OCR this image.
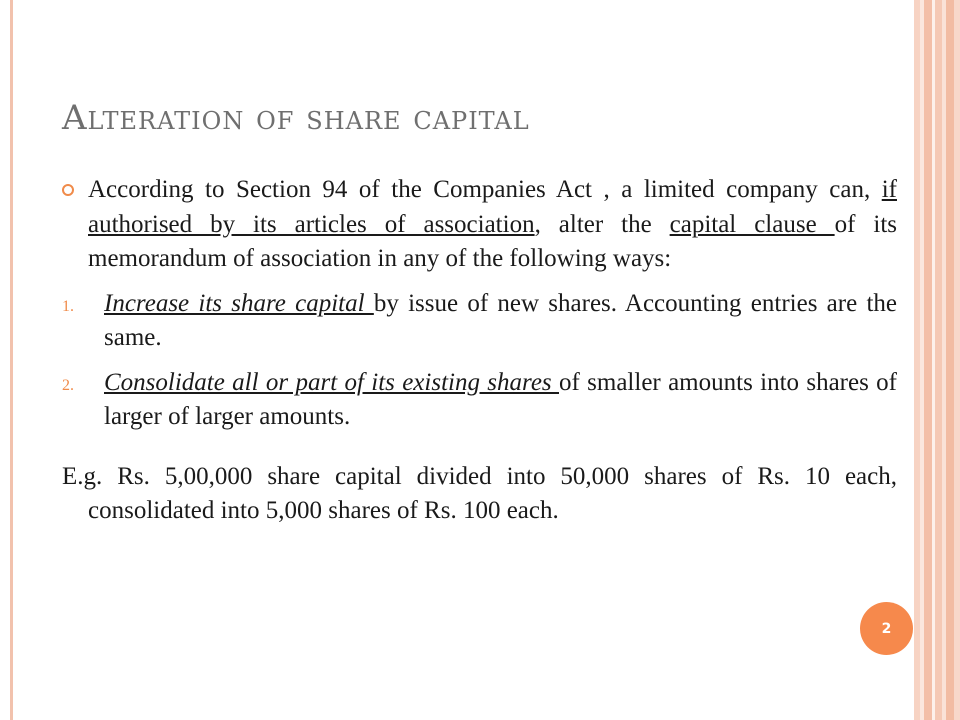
Alteration of share capital

According to Section 94 of the Companies Act , a limited company can, if authorised by its articles of association, alter the capital clause of its memorandum of association in any of the following ways:

1. Increase its share capital by issue of new shares. Accounting entries are the same.

2. Consolidate all or part of its existing shares of smaller amounts into shares of larger of larger amounts.

E.g. Rs. 5,00,000 share capital divided into 50,000 shares of Rs. 10 each, consolidated into 5,000 shares of Rs. 100 each.

2
